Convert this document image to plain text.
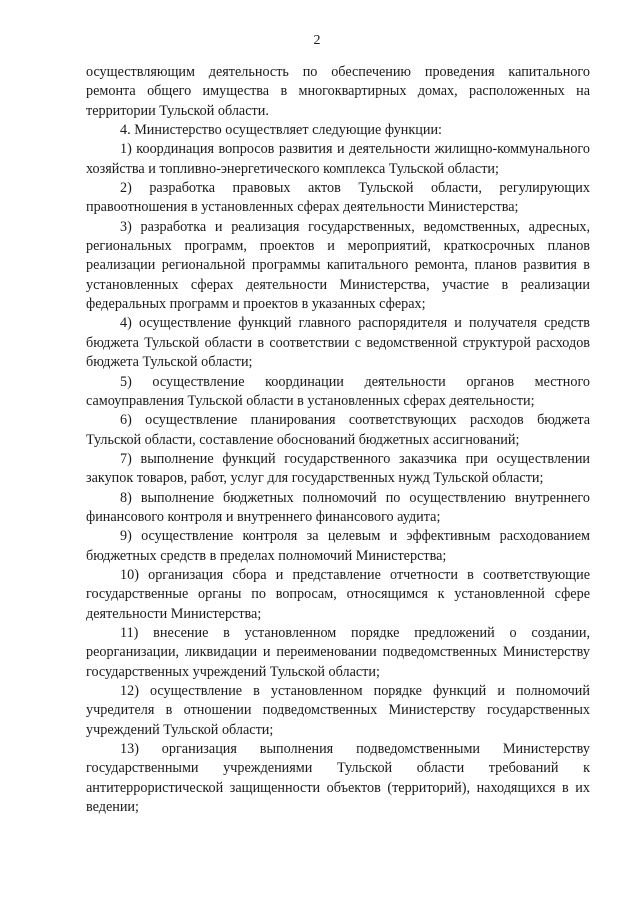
2

осуществляющим деятельность по обеспечению проведения капитального ремонта общего имущества в многоквартирных домах, расположенных на территории Тульской области.

4. Министерство осуществляет следующие функции:

1) координация вопросов развития и деятельности жилищно-коммунального хозяйства и топливно-энергетического комплекса Тульской области;

2) разработка правовых актов Тульской области, регулирующих правоотношения в установленных сферах деятельности Министерства;

3) разработка и реализация государственных, ведомственных, адресных, региональных программ, проектов и мероприятий, краткосрочных планов реализации региональной программы капитального ремонта, планов развития в установленных сферах деятельности Министерства, участие в реализации федеральных программ и проектов в указанных сферах;

4) осуществление функций главного распорядителя и получателя средств бюджета Тульской области в соответствии с ведомственной структурой расходов бюджета Тульской области;

5) осуществление координации деятельности органов местного самоуправления Тульской области в установленных сферах деятельности;

6) осуществление планирования соответствующих расходов бюджета Тульской области, составление обоснований бюджетных ассигнований;

7) выполнение функций государственного заказчика при осуществлении закупок товаров, работ, услуг для государственных нужд Тульской области;

8) выполнение бюджетных полномочий по осуществлению внутреннего финансового контроля и внутреннего финансового аудита;

9) осуществление контроля за целевым и эффективным расходованием бюджетных средств в пределах полномочий Министерства;

10) организация сбора и представление отчетности в соответствующие государственные органы по вопросам, относящимся к установленной сфере деятельности Министерства;

11) внесение в установленном порядке предложений о создании, реорганизации, ликвидации и переименовании подведомственных Министерству государственных учреждений Тульской области;

12) осуществление в установленном порядке функций и полномочий учредителя в отношении подведомственных Министерству государственных учреждений Тульской области;

13) организация выполнения подведомственными Министерству государственными учреждениями Тульской области требований к антитеррористической защищенности объектов (территорий), находящихся в их ведении;
